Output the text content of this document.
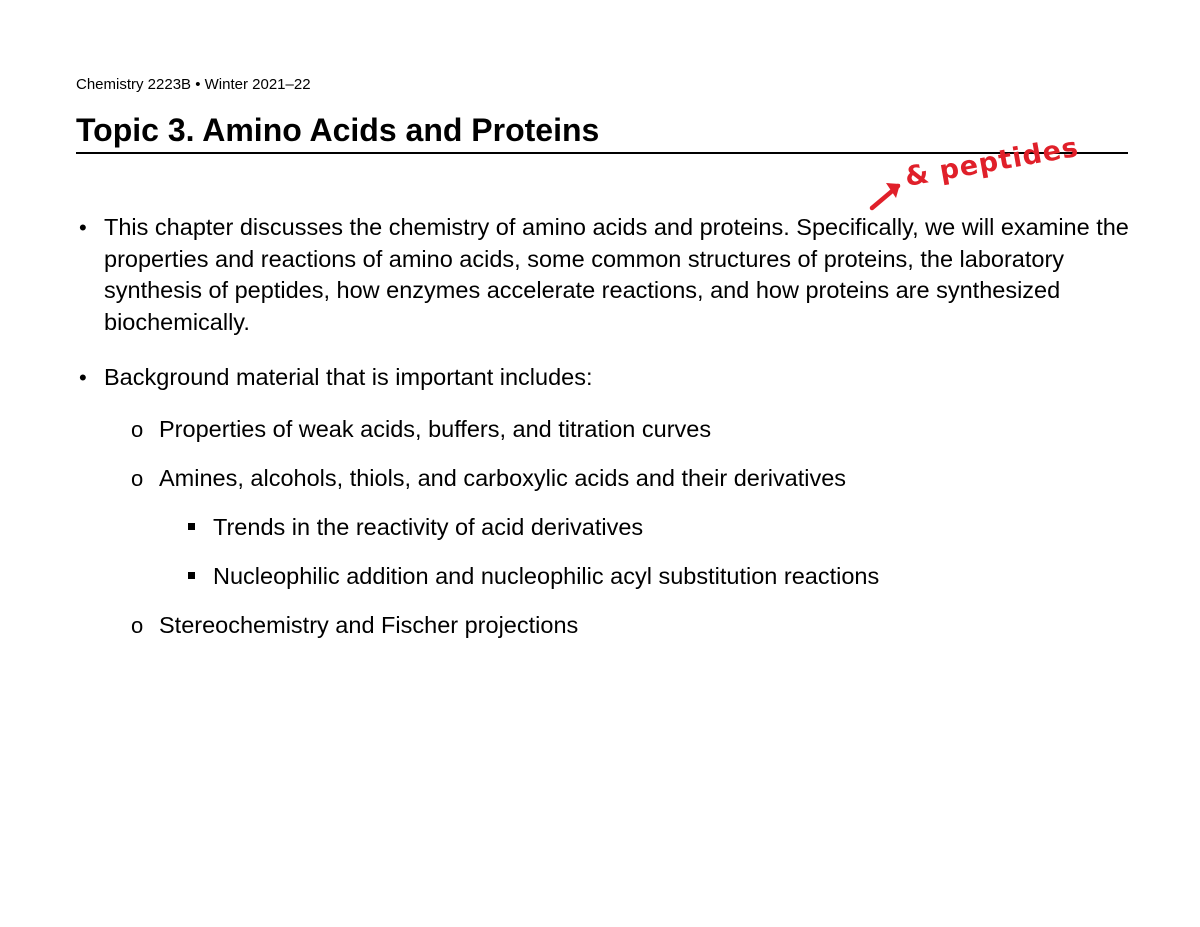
Chemistry 2223B • Winter 2021–22
Topic 3. Amino Acids and Proteins
& peptides
• This chapter discusses the chemistry of amino acids and proteins. Specifically, we will examine the properties and reactions of amino acids, some common structures of proteins, the laboratory synthesis of peptides, how enzymes accelerate reactions, and how proteins are synthesized biochemically.
• Background material that is important includes:
o Properties of weak acids, buffers, and titration curves
o Amines, alcohols, thiols, and carboxylic acids and their derivatives
Trends in the reactivity of acid derivatives
Nucleophilic addition and nucleophilic acyl substitution reactions
o Stereochemistry and Fischer projections
